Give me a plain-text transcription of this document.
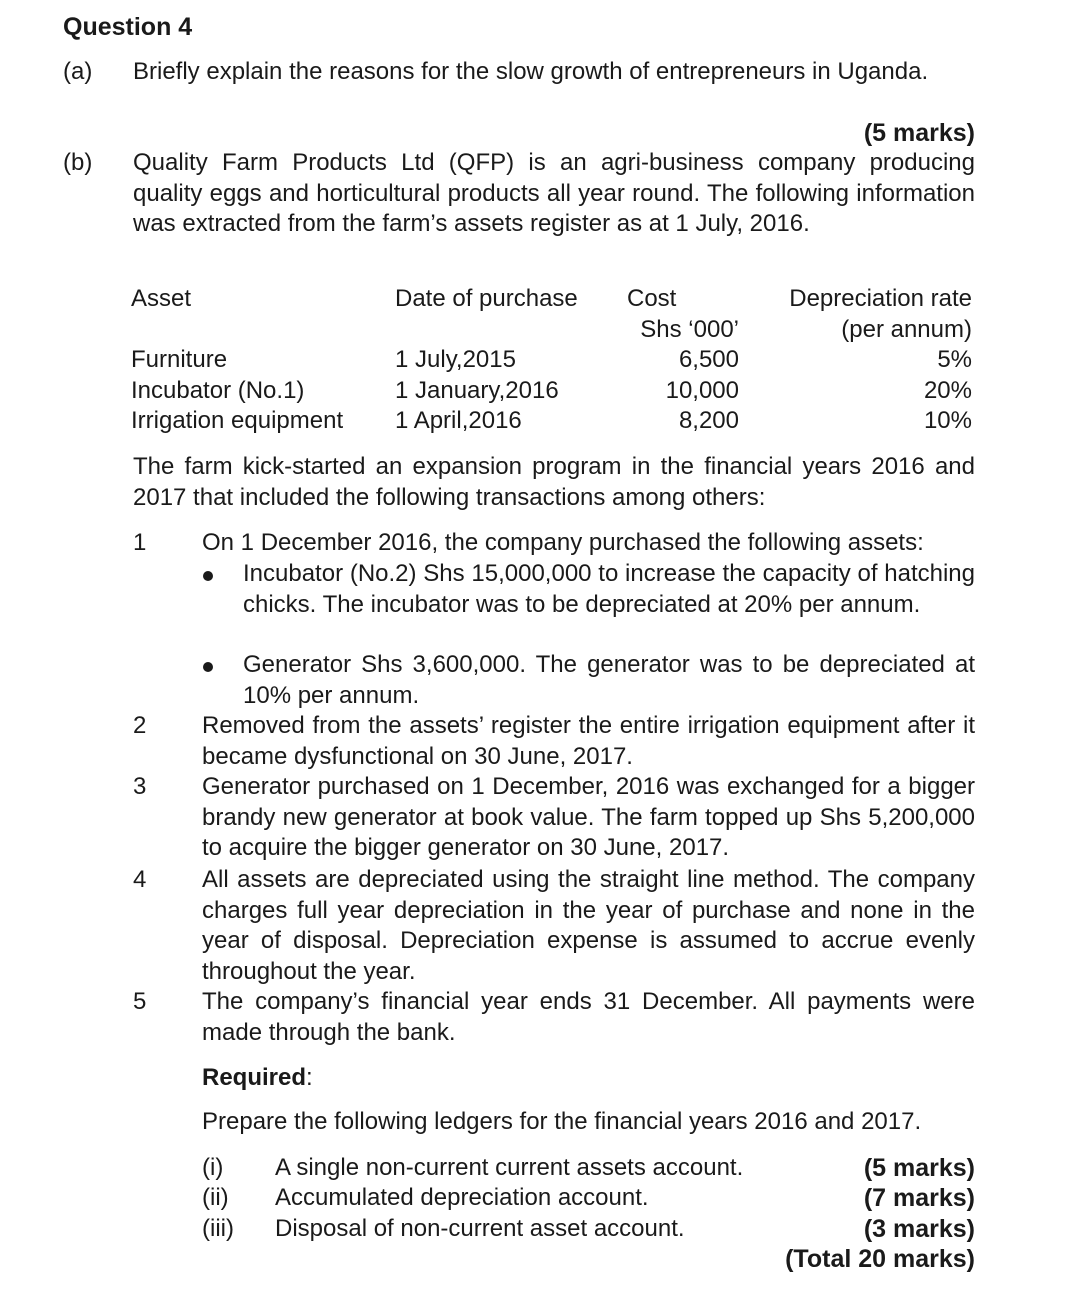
Question 4
(a)	Briefly explain the reasons for the slow growth of entrepreneurs in Uganda.
(5 marks)
(b)	Quality Farm Products Ltd (QFP) is an agri-business company producing quality eggs and horticultural products all year round. The following information was extracted from the farm’s assets register as at 1 July, 2016.
Asset	Date of purchase	Cost	Depreciation rate
		Shs ‘000’	(per annum)
Furniture	1 July,2015	6,500	5%
Incubator (No.1)	1 January,2016	10,000	20%
Irrigation equipment	1 April,2016	8,200	10%
The farm kick-started an expansion program in the financial years 2016 and 2017 that included the following transactions among others:
1 On 1 December 2016, the company purchased the following assets:
Incubator (No.2) Shs 15,000,000 to increase the capacity of hatching chicks. The incubator was to be depreciated at 20% per annum.
Generator Shs 3,600,000. The generator was to be depreciated at 10% per annum.
2 Removed from the assets’ register the entire irrigation equipment after it became dysfunctional on 30 June, 2017.
3 Generator purchased on 1 December, 2016 was exchanged for a bigger brandy new generator at book value. The farm topped up Shs 5,200,000 to acquire the bigger generator on 30 June, 2017.
4 All assets are depreciated using the straight line method. The company charges full year depreciation in the year of purchase and none in the year of disposal. Depreciation expense is assumed to accrue evenly throughout the year.
5 The company’s financial year ends 31 December. All payments were made through the bank.
Required:
Prepare the following ledgers for the financial years 2016 and 2017.
(i) A single non-current current assets account.	(5 marks)
(ii) Accumulated depreciation account.	(7 marks)
(iii) Disposal of non-current asset account.	(3 marks)
(Total 20 marks)
